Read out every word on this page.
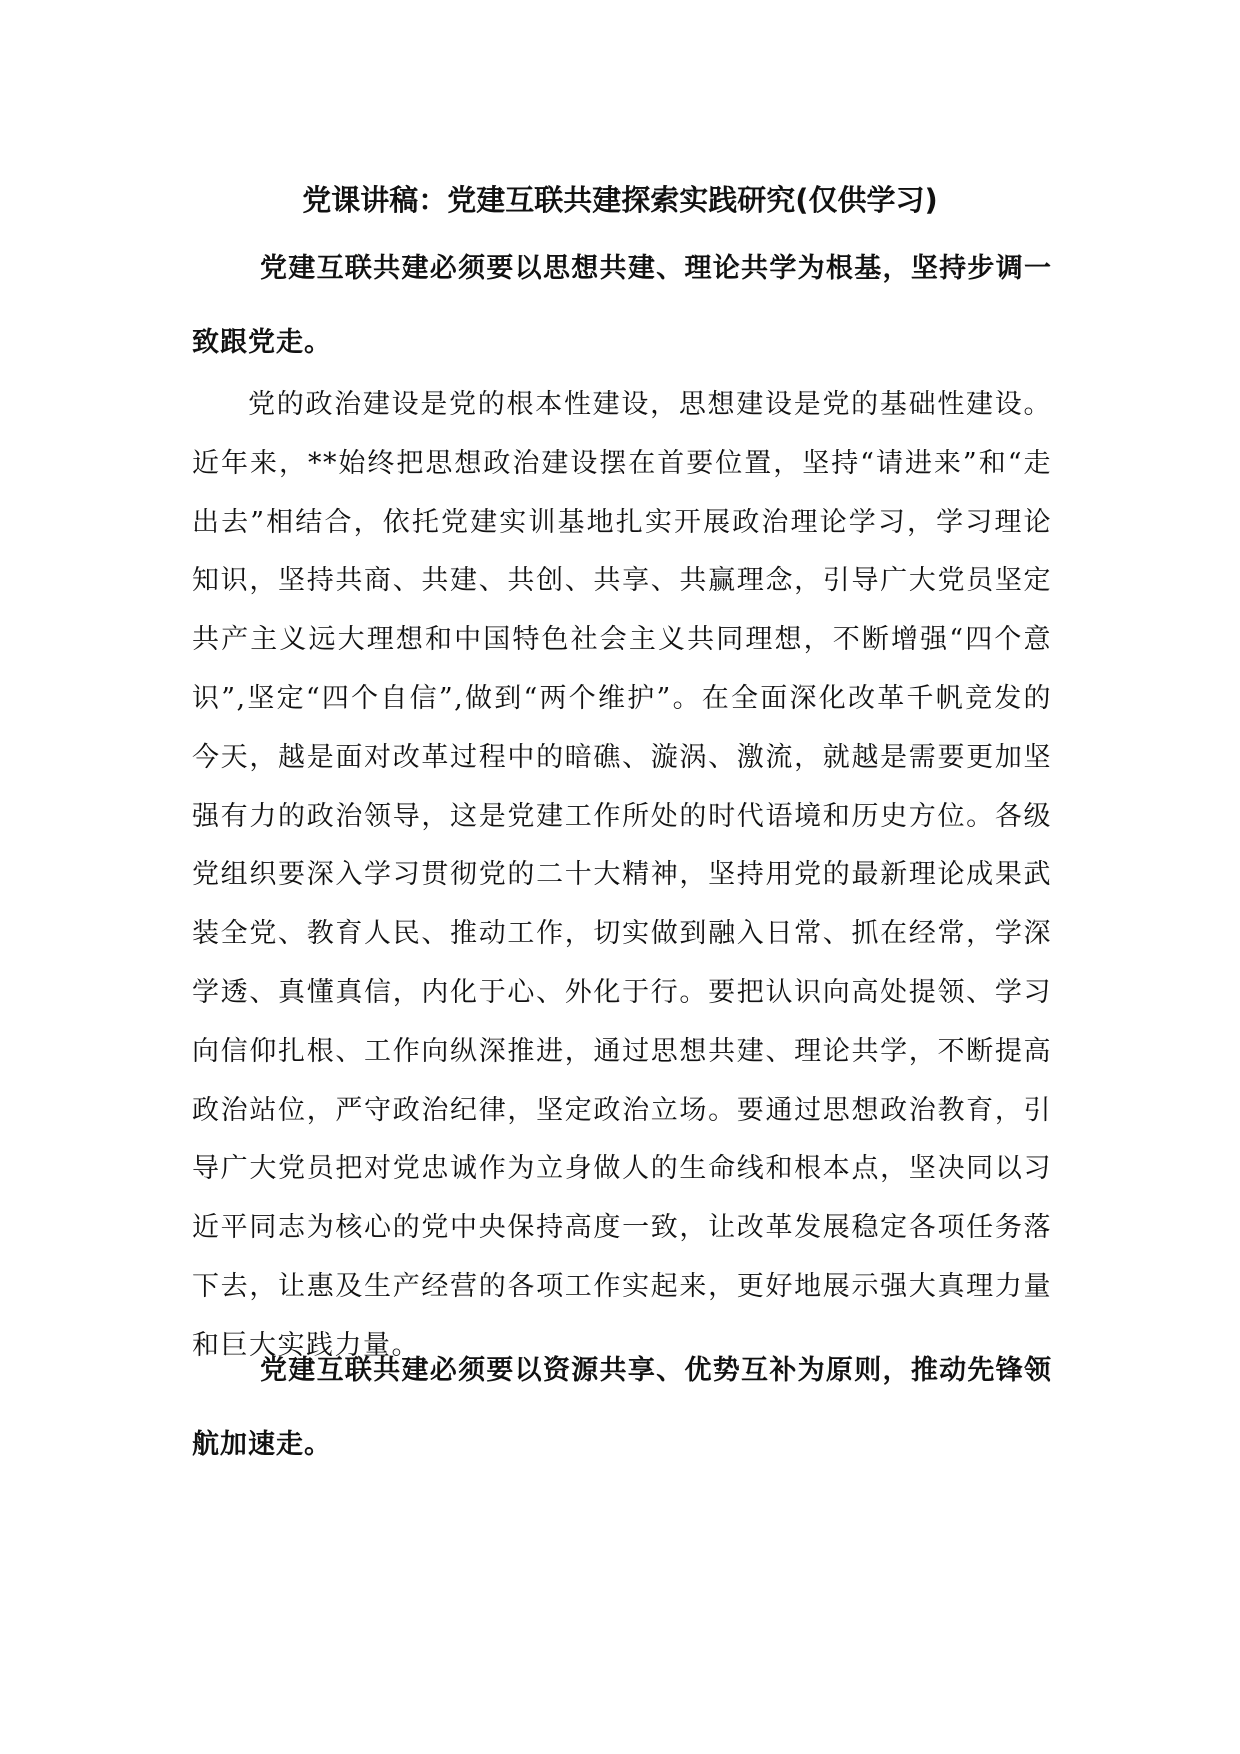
党课讲稿：党建互联共建探索实践研究(仅供学习)
党建互联共建必须要以思想共建、理论共学为根基，坚持步调一致跟党走。
党的政治建设是党的根本性建设，思想建设是党的基础性建设。近年来，**始终把思想政治建设摆在首要位置，坚持“请进来”和“走出去”相结合，依托党建实训基地扎实开展政治理论学习，学习理论知识，坚持共商、共建、共创、共享、共赢理念，引导广大党员坚定共产主义远大理想和中国特色社会主义共同理想，不断增强“四个意识”,坚定“四个自信”,做到“两个维护”。在全面深化改革千帆竞发的今天，越是面对改革过程中的暗礁、漩涡、激流，就越是需要更加坚强有力的政治领导，这是党建工作所处的时代语境和历史方位。各级党组织要深入学习贯彻党的二十大精神，坚持用党的最新理论成果武装全党、教育人民、推动工作，切实做到融入日常、抓在经常，学深学透、真懂真信，内化于心、外化于行。要把认识向高处提领、学习向信仰扎根、工作向纵深推进，通过思想共建、理论共学，不断提高政治站位，严守政治纪律，坚定政治立场。要通过思想政治教育，引导广大党员把对党忠诚作为立身做人的生命线和根本点，坚决同以习近平同志为核心的党中央保持高度一致，让改革发展稳定各项任务落下去，让惠及生产经营的各项工作实起来，更好地展示强大真理力量和巨大实践力量。
党建互联共建必须要以资源共享、优势互补为原则，推动先锋领航加速走。
